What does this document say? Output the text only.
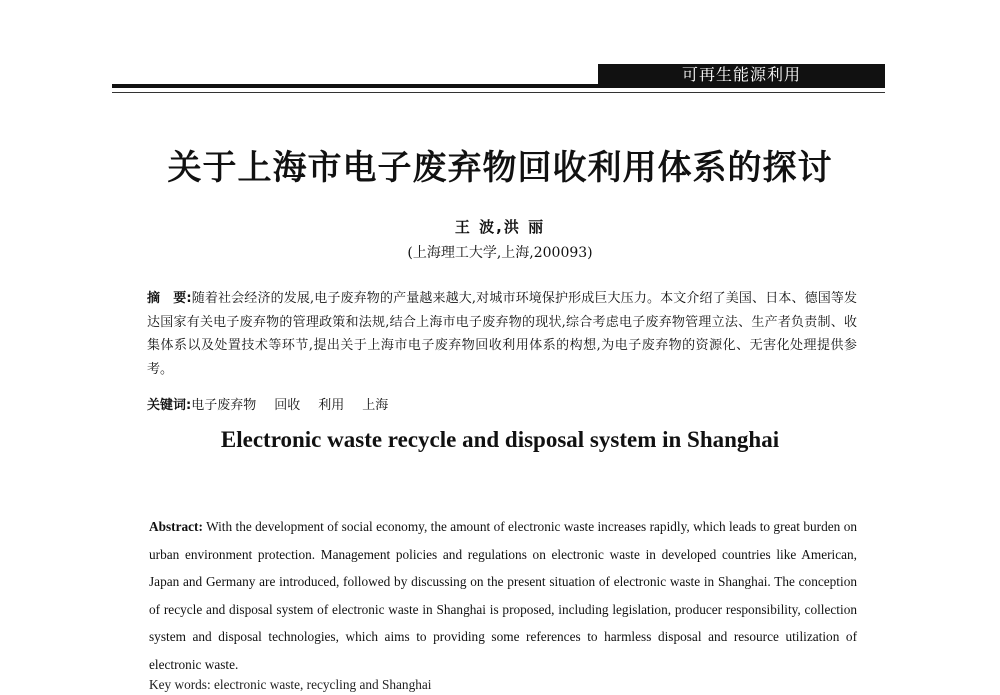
可再生能源利用
关于上海市电子废弃物回收利用体系的探讨
王 波,洪 丽
(上海理工大学,上海,200093)
摘　要:随着社会经济的发展,电子废弃物的产量越来越大,对城市环境保护形成巨大压力。本文介绍了美国、日本、德国等发达国家有关电子废弃物的管理政策和法规,结合上海市电子废弃物的现状,综合考虑电子废弃物管理立法、生产者负责制、收集体系以及处置技术等环节,提出关于上海市电子废弃物回收利用体系的构想,为电子废弃物的资源化、无害化处理提供参考。
关键词:电子废弃物 回收 利用 上海
Electronic waste recycle and disposal system in Shanghai
Abstract: With the development of social economy, the amount of electronic waste increases rapidly, which leads to great burden on urban environment protection. Management policies and regulations on electronic waste in developed countries like American, Japan and Germany are introduced, followed by discussing on the present situation of electronic waste in Shanghai. The conception of recycle and disposal system of electronic waste in Shanghai is proposed, including legislation, producer responsibility, collection system and disposal technologies, which aims to providing some references to harmless disposal and resource utilization of electronic waste.
Key words: electronic waste, recycling and Shanghai
